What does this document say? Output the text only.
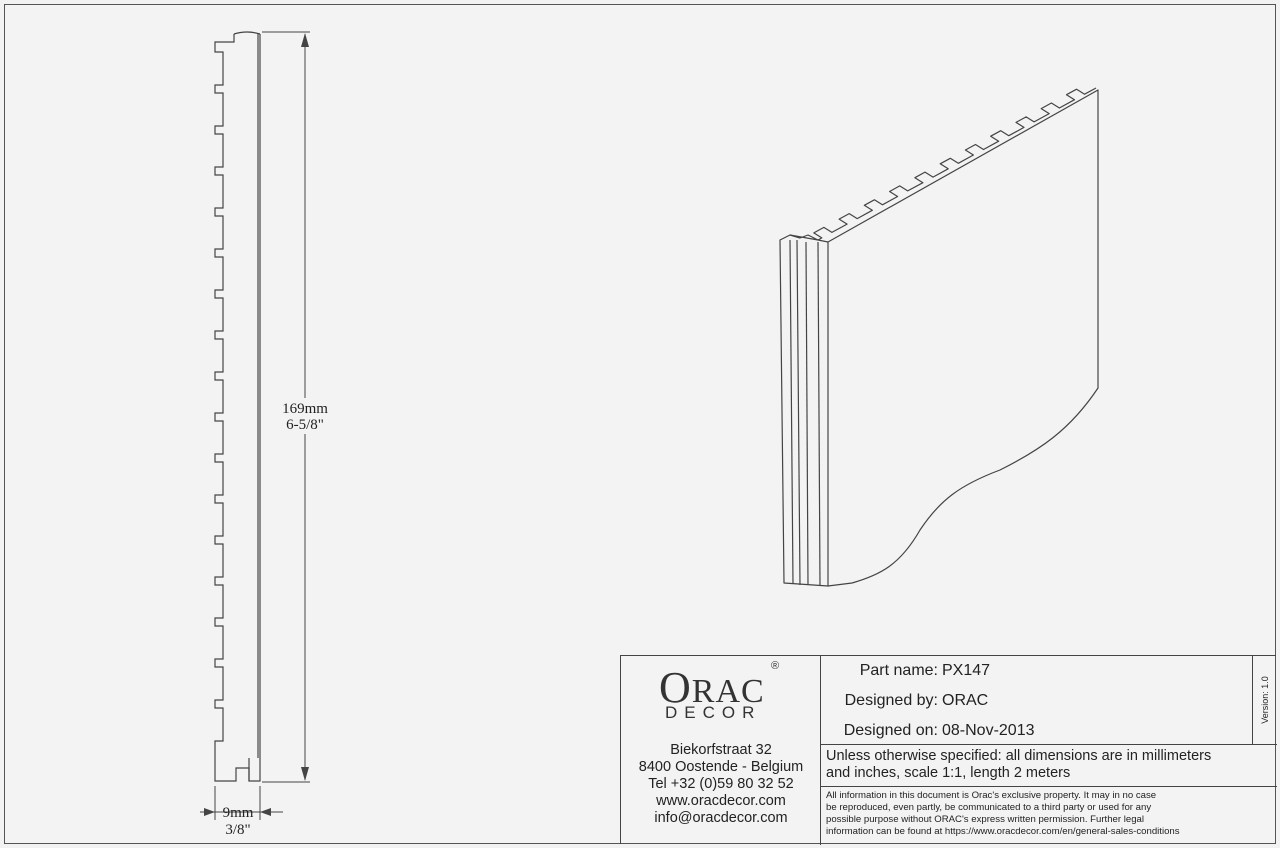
169mm
6-5/8"
9mm
3/8"
ORAC
®
DECOR
Biekorfstraat 32
8400 Oostende - Belgium
Tel +32 (0)59 80 32 52
www.oracdecor.com
info@oracdecor.com
Part name: PX147
Designed by: ORAC
Designed on: 08-Nov-2013
Version: 1.0
Unless otherwise specified: all dimensions are in millimeters
and inches, scale 1:1, length 2 meters
All information in this document is Orac's exclusive property. It may in no case
be reproduced, even partly, be communicated to a third party or used for any
possible purpose without ORAC's express written permission. Further legal
information can be found at https://www.oracdecor.com/en/general-sales-conditions
